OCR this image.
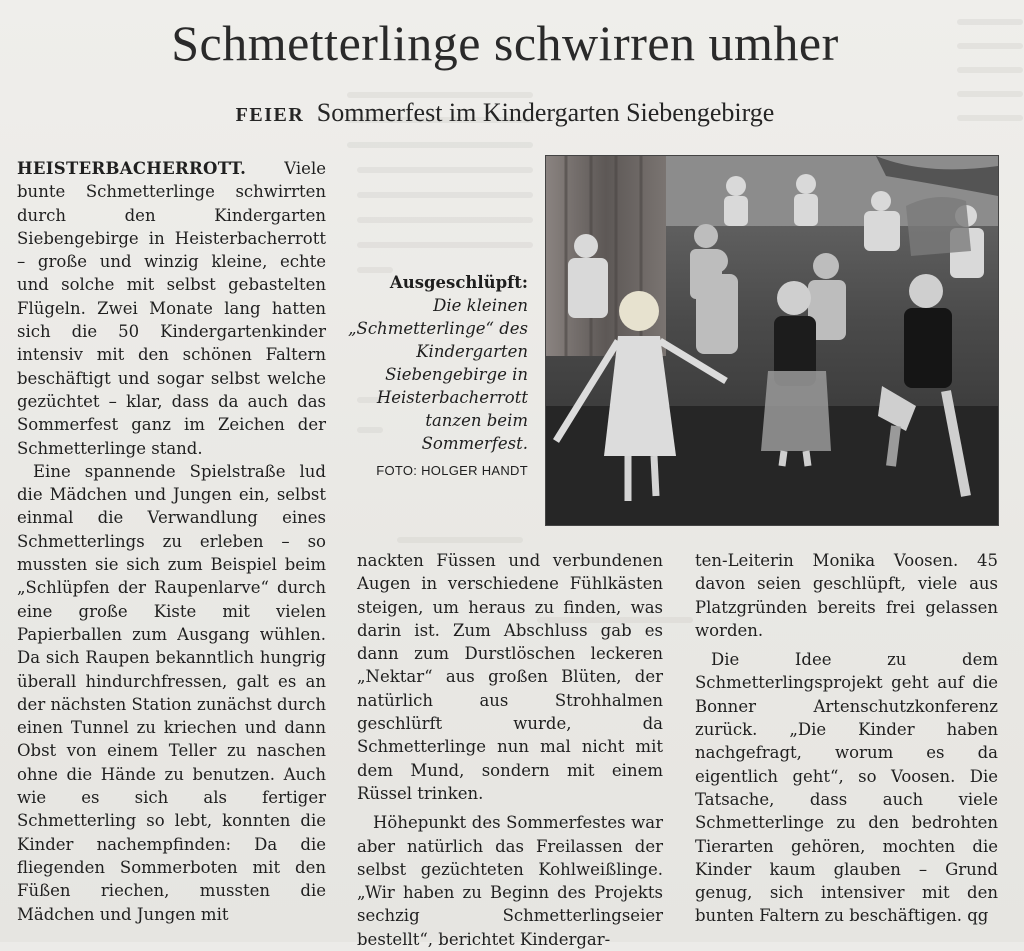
Schmetterlinge schwirren umher
FEIER Sommerfest im Kindergarten Siebengebirge

HEISTERBACHERROTT. Viele bunte Schmetterlinge schwirrten durch den Kindergarten Siebengebirge in Heisterbacherrott – große und winzig kleine, echte und solche mit selbst gebastelten Flügeln. Zwei Monate lang hatten sich die 50 Kindergartenkinder intensiv mit den schönen Faltern beschäftigt und sogar selbst welche gezüchtet – klar, dass da auch das Sommerfest ganz im Zeichen der Schmetterlinge stand.

Eine spannende Spielstraße lud die Mädchen und Jungen ein, selbst einmal die Verwandlung eines Schmetterlings zu erleben – so mussten sie sich zum Beispiel beim „Schlüpfen der Raupenlarve“ durch eine große Kiste mit vielen Papierballen zum Ausgang wühlen. Da sich Raupen bekanntlich hungrig überall hindurchfressen, galt es an der nächsten Station zunächst durch einen Tunnel zu kriechen und dann Obst von einem Teller zu naschen ohne die Hände zu benutzen. Auch wie es sich als fertiger Schmetterling so lebt, konnten die Kinder nachempfinden: Da die fliegenden Sommerboten mit den Füßen riechen, mussten die Mädchen und Jungen mit

Ausgeschlüpft:
Die kleinen „Schmetterlinge“ des Kindergarten Siebengebirge in Heisterbacherrott tanzen beim Sommerfest.
FOTO: HOLGER HANDT

nackten Füssen und verbundenen Augen in verschiedene Fühlkästen steigen, um heraus zu finden, was darin ist. Zum Abschluss gab es dann zum Durstlöschen leckeren „Nektar“ aus großen Blüten, der natürlich aus Strohhalmen geschlürft wurde, da Schmetterlinge nun mal nicht mit dem Mund, sondern mit einem Rüssel trinken.

Höhepunkt des Sommerfestes war aber natürlich das Freilassen der selbst gezüchteten Kohlweißlinge. „Wir haben zu Beginn des Projekts sechzig Schmetterlingseier bestellt“, berichtet Kindergar-

ten-Leiterin Monika Voosen. 45 davon seien geschlüpft, viele aus Platzgründen bereits frei gelassen worden.

Die Idee zu dem Schmetterlingsprojekt geht auf die Bonner Artenschutzkonferenz zurück. „Die Kinder haben nachgefragt, worum es da eigentlich geht“, so Voosen. Die Tatsache, dass auch viele Schmetterlinge zu den bedrohten Tierarten gehören, mochten die Kinder kaum glauben – Grund genug, sich intensiver mit den bunten Faltern zu beschäftigen. qg
